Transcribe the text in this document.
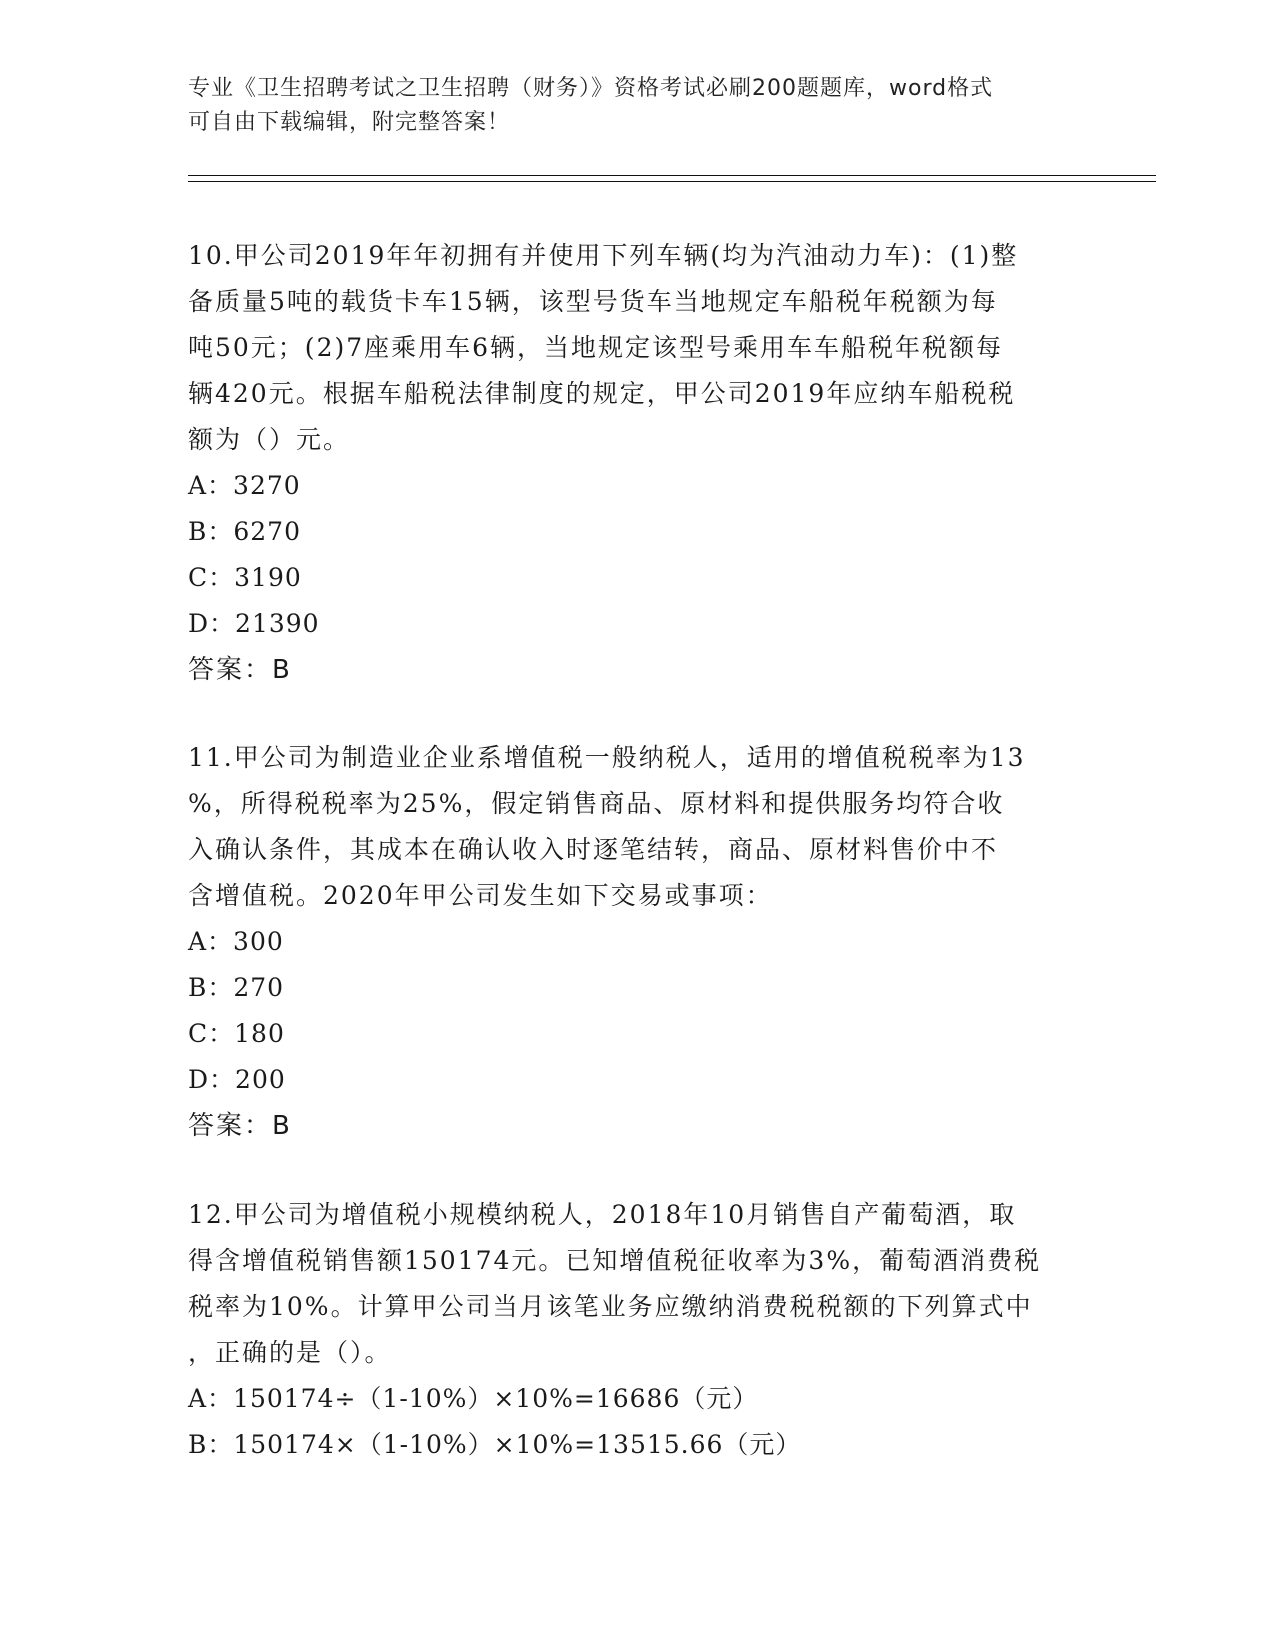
专业《卫生招聘考试之卫生招聘（财务）》资格考试必刷200题题库，word格式
可自由下载编辑，附完整答案！

10.甲公司2019年年初拥有并使用下列车辆(均为汽油动力车)：(1)整

备质量5吨的载货卡车15辆，该型号货车当地规定车船税年税额为每

吨50元；(2)7座乘用车6辆，当地规定该型号乘用车车船税年税额每

辆420元。根据车船税法律制度的规定，甲公司2019年应纳车船税税

额为（）元。

A：3270

B：6270

C：3190

D：21390

答案：B

11.甲公司为制造业企业系增值税一般纳税人，适用的增值税税率为13

%，所得税税率为25%，假定销售商品、原材料和提供服务均符合收

入确认条件，其成本在确认收入时逐笔结转，商品、原材料售价中不

含增值税。2020年甲公司发生如下交易或事项：

A：300

B：270

C：180

D：200

答案：B

12.甲公司为增值税小规模纳税人，2018年10月销售自产葡萄酒，取

得含增值税销售额150174元。已知增值税征收率为3%，葡萄酒消费税

税率为10%。计算甲公司当月该笔业务应缴纳消费税税额的下列算式中

，正确的是（）。

A：150174÷（1-10%）×10%=16686（元）

B：150174×（1-10%）×10%=13515.66（元）
